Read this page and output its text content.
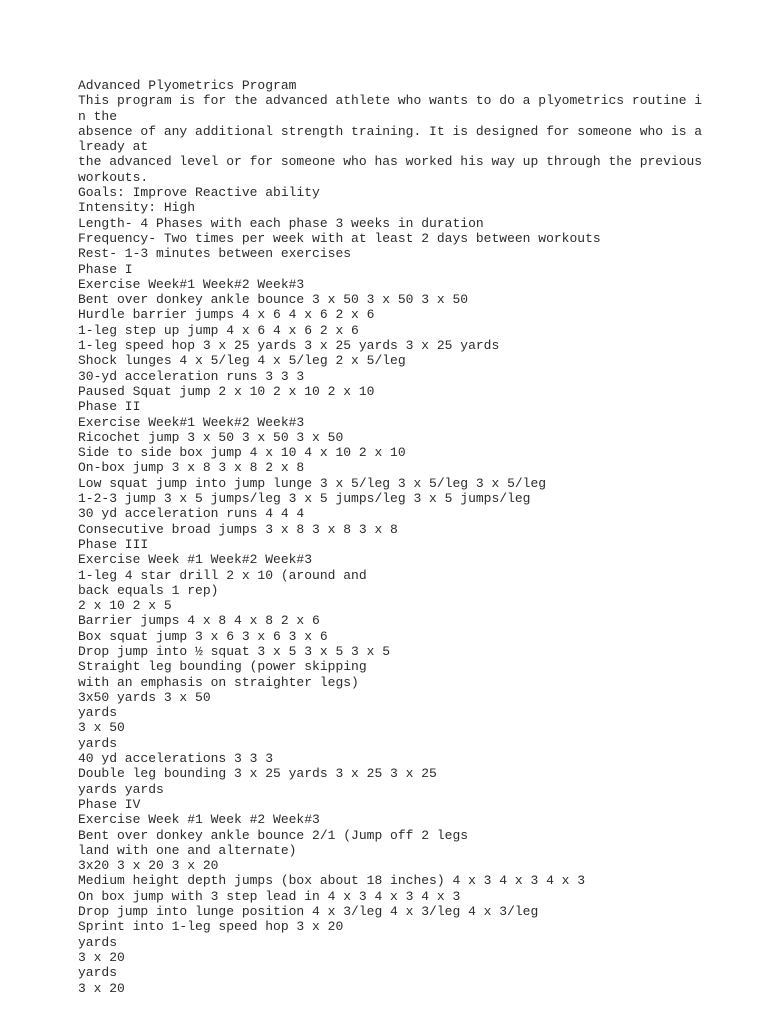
Advanced Plyometrics Program
This program is for the advanced athlete who wants to do a plyometrics routine i
n the
absence of any additional strength training. It is designed for someone who is a
lready at
the advanced level or for someone who has worked his way up through the previous
workouts.
Goals: Improve Reactive ability
Intensity: High
Length- 4 Phases with each phase 3 weeks in duration
Frequency- Two times per week with at least 2 days between workouts
Rest- 1-3 minutes between exercises
Phase I
Exercise Week#1 Week#2 Week#3
Bent over donkey ankle bounce 3 x 50 3 x 50 3 x 50
Hurdle barrier jumps 4 x 6 4 x 6 2 x 6
1-leg step up jump 4 x 6 4 x 6 2 x 6
1-leg speed hop 3 x 25 yards 3 x 25 yards 3 x 25 yards
Shock lunges 4 x 5/leg 4 x 5/leg 2 x 5/leg
30-yd acceleration runs 3 3 3
Paused Squat jump 2 x 10 2 x 10 2 x 10
Phase II
Exercise Week#1 Week#2 Week#3
Ricochet jump 3 x 50 3 x 50 3 x 50
Side to side box jump 4 x 10 4 x 10 2 x 10
On-box jump 3 x 8 3 x 8 2 x 8
Low squat jump into jump lunge 3 x 5/leg 3 x 5/leg 3 x 5/leg
1-2-3 jump 3 x 5 jumps/leg 3 x 5 jumps/leg 3 x 5 jumps/leg
30 yd acceleration runs 4 4 4
Consecutive broad jumps 3 x 8 3 x 8 3 x 8
Phase III
Exercise Week #1 Week#2 Week#3
1-leg 4 star drill 2 x 10 (around and
back equals 1 rep)
2 x 10 2 x 5
Barrier jumps 4 x 8 4 x 8 2 x 6
Box squat jump 3 x 6 3 x 6 3 x 6
Drop jump into ½ squat 3 x 5 3 x 5 3 x 5
Straight leg bounding (power skipping
with an emphasis on straighter legs)
3x50 yards 3 x 50
yards
3 x 50
yards
40 yd accelerations 3 3 3
Double leg bounding 3 x 25 yards 3 x 25 3 x 25
yards yards
Phase IV
Exercise Week #1 Week #2 Week#3
Bent over donkey ankle bounce 2/1 (Jump off 2 legs
land with one and alternate)
3x20 3 x 20 3 x 20
Medium height depth jumps (box about 18 inches) 4 x 3 4 x 3 4 x 3
On box jump with 3 step lead in 4 x 3 4 x 3 4 x 3
Drop jump into lunge position 4 x 3/leg 4 x 3/leg 4 x 3/leg
Sprint into 1-leg speed hop 3 x 20
yards
3 x 20
yards
3 x 20
